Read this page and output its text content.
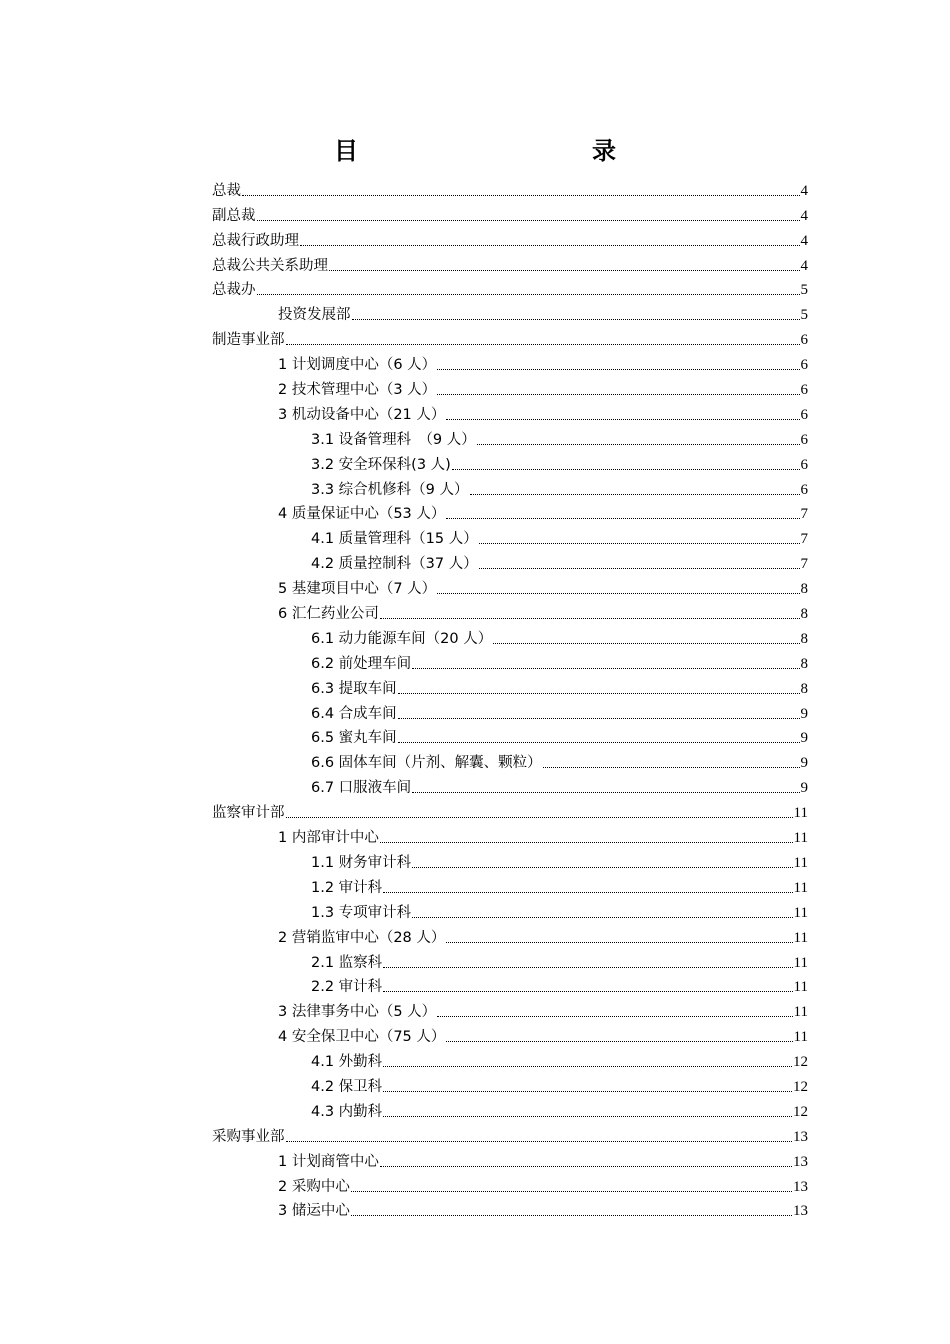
目　　录
总裁	4
副总裁	4
总裁行政助理	4
总裁公共关系助理	4
总裁办	5
投资发展部	5
制造事业部	6
1 计划调度中心（6 人）	6
2 技术管理中心（3 人）	6
3 机动设备中心（21 人）	6
3.1 设备管理科　（9 人）	6
3.2 安全环保科(3 人)	6
3.3 综合机修科（9 人）	6
4 质量保证中心（53 人）	7
4.1 质量管理科（15 人）	7
4.2 质量控制科（37 人）	7
5 基建项目中心（7 人）	8
6 汇仁药业公司	8
6.1 动力能源车间（20 人）	8
6.2 前处理车间	8
6.3 提取车间	8
6.4 合成车间	9
6.5 蜜丸车间	9
6.6 固体车间（片剂、解囊、颗粒）	9
6.7 口服液车间	9
监察审计部	11
1 内部审计中心	11
1.1 财务审计科	11
1.2 审计科	11
1.3 专项审计科	11
2 营销监审中心（28 人）	11
2.1 监察科	11
2.2 审计科	11
3 法律事务中心（5 人）	11
4 安全保卫中心（75 人）	11
4.1 外勤科	12
4.2 保卫科	12
4.3 内勤科	12
采购事业部	13
1 计划商管中心	13
2 采购中心	13
3 储运中心	13
